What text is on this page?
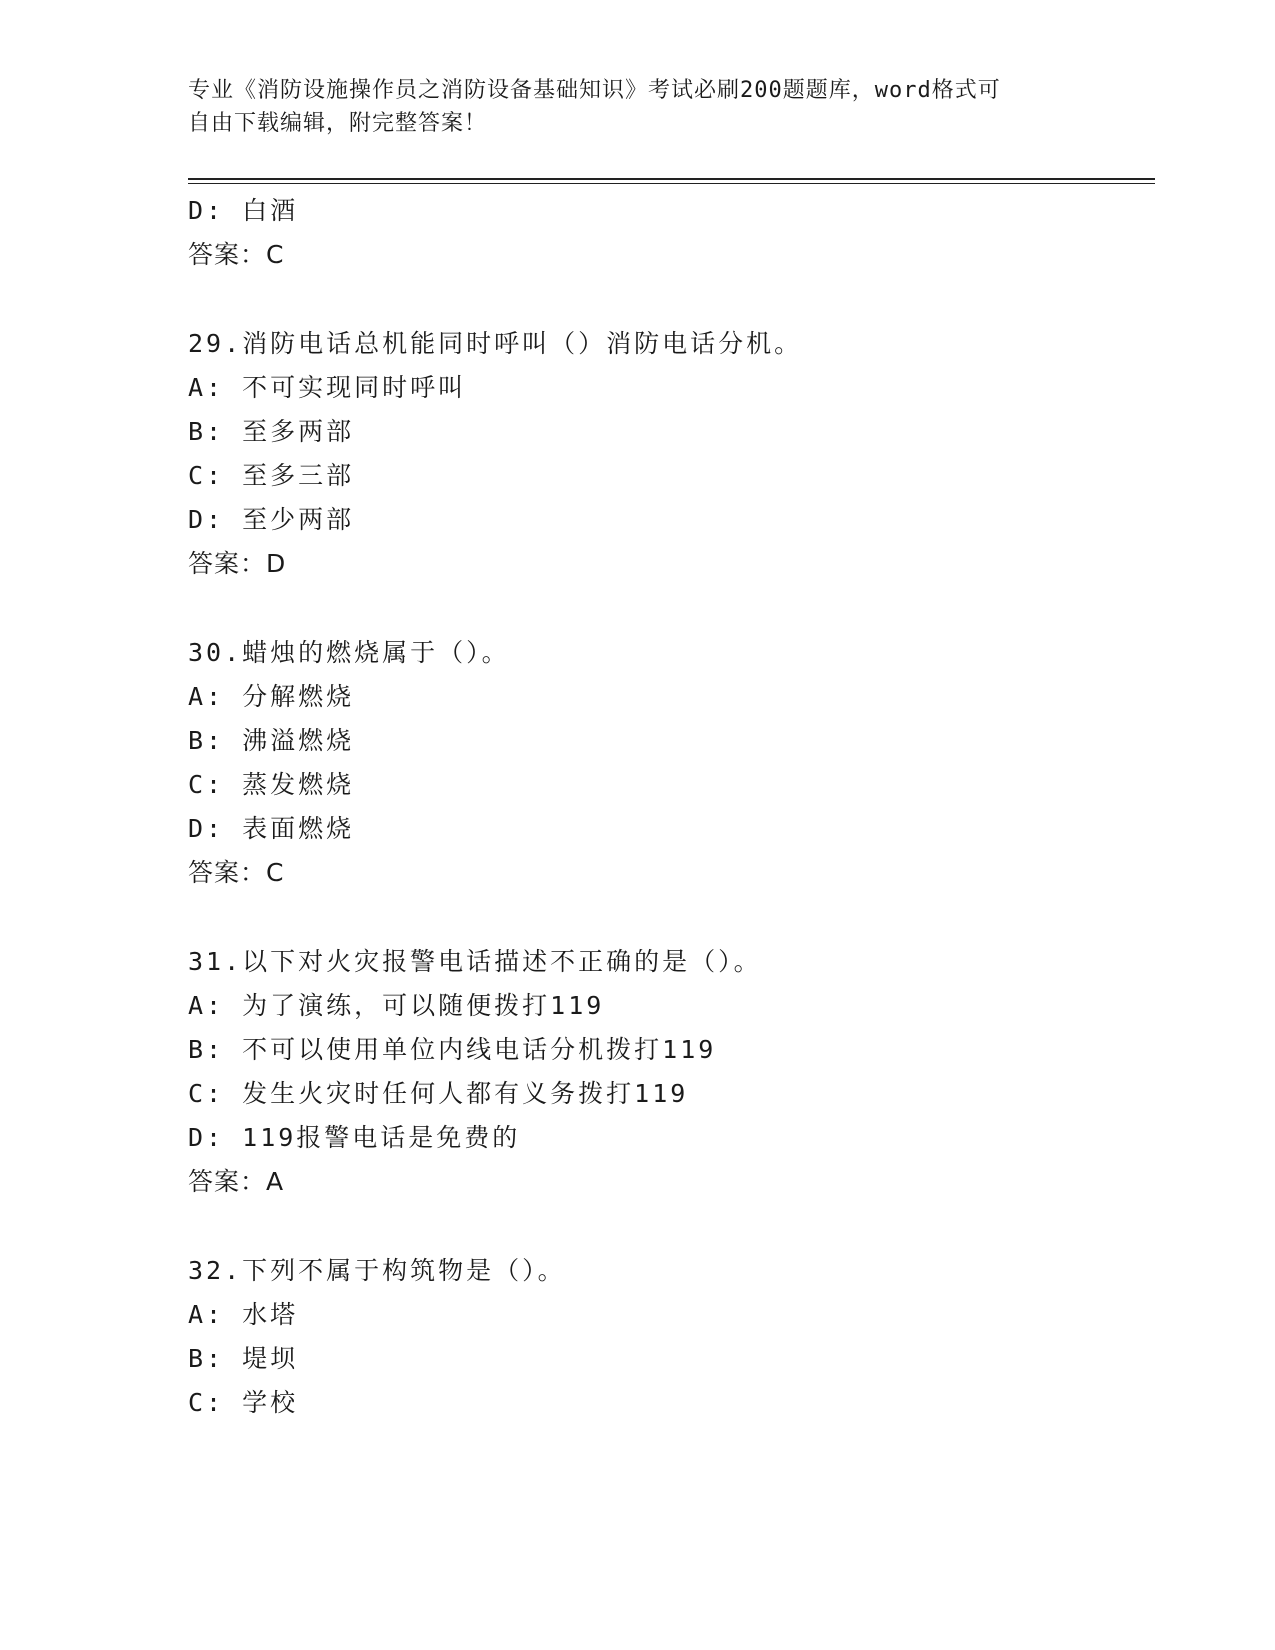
专业《消防设施操作员之消防设备基础知识》考试必刷200题题库，word格式可
自由下载编辑，附完整答案！
D: 白酒
答案：C
29.消防电话总机能同时呼叫（）消防电话分机。
A: 不可实现同时呼叫
B: 至多两部
C: 至多三部
D: 至少两部
答案：D
30.蜡烛的燃烧属于（）。
A: 分解燃烧
B: 沸溢燃烧
C: 蒸发燃烧
D: 表面燃烧
答案：C
31.以下对火灾报警电话描述不正确的是（）。
A: 为了演练，可以随便拨打119
B: 不可以使用单位内线电话分机拨打119
C: 发生火灾时任何人都有义务拨打119
D: 119报警电话是免费的
答案：A
32.下列不属于构筑物是（）。
A: 水塔
B: 堤坝
C: 学校
